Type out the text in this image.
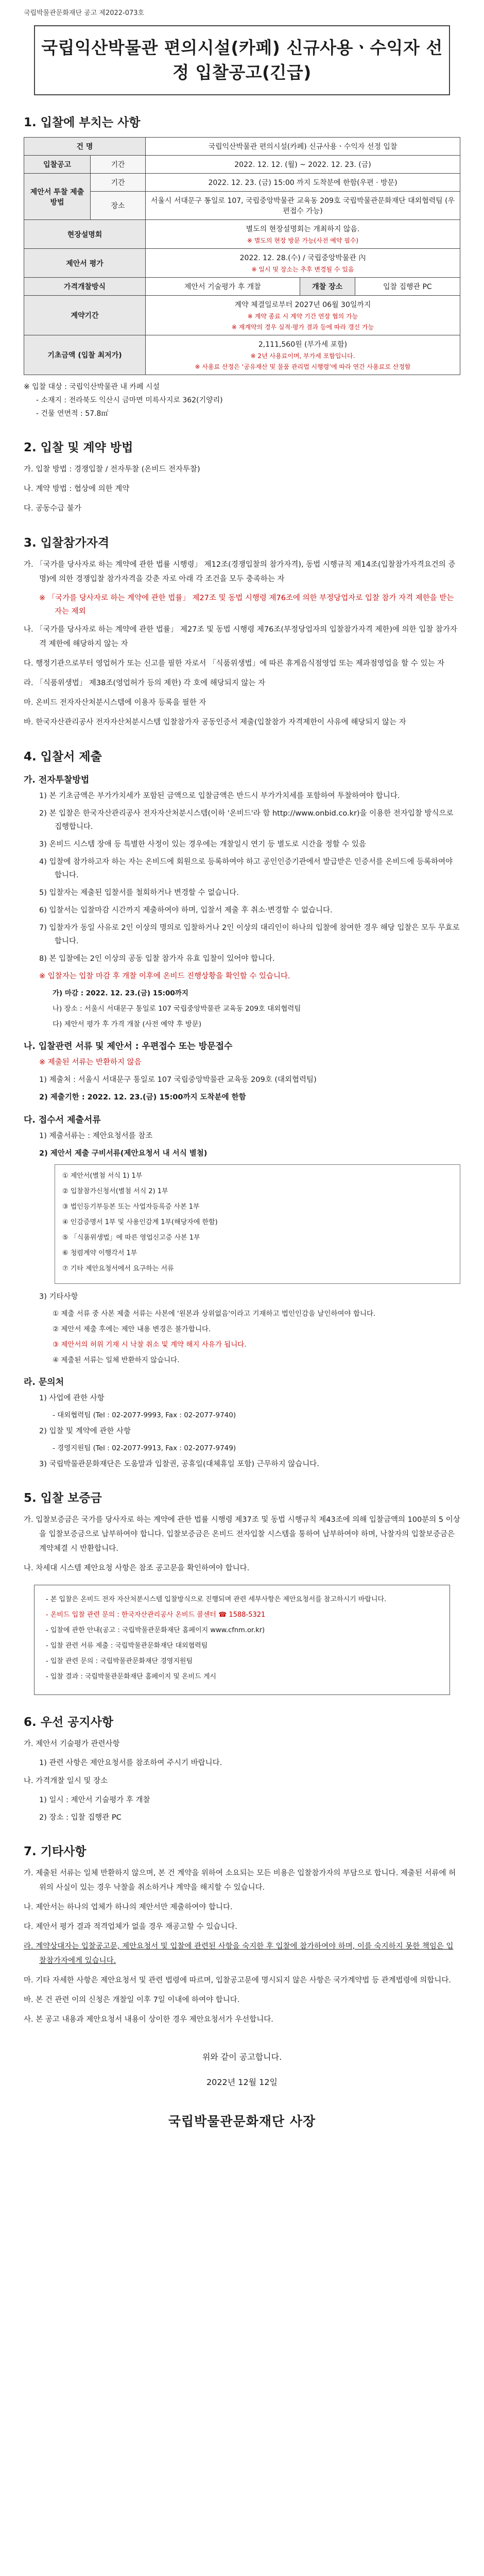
국립박물관문화재단 공고 제2022-073호
국립익산박물관 편의시설(카페) 신규사용ㆍ수익자 선정 입찰공고(긴급)
1. 입찰에 부치는 사항
건 명		국립익산박물관 편의시설(카페) 신규사용ㆍ수익자 선정 입찰		
입찰공고	기간	2022. 12. 12. (월) ~ 2022. 12. 23. (금)		
제안서 투찰 제출방법	기간	2022. 12. 23. (금) 15:00 까지 도착분에 한함(우편 · 방문)		
	장소	서울시 서대문구 통일로 107, 국립중앙박물관 교육동 209호 국립박물관문화재단 대외협력팀 (우편접수 가능)		
현장설명회		별도의 현장설명회는 개최하지 않음.
※ 별도의 현장 방문 가능(사전 예약 필수)		

제안서 평가		2022. 12. 28.(수) / 국립중앙박물관 內
※ 일시 및 장소는 추후 변경될 수 있음		

가격개찰방식		제안서 기술평가 후 개찰	개찰 장소	입찰 집행관 PC
계약기간		계약 체결일로부터 2027년 06월 30일까지
※ 계약 종료 시 계약 기간 연장 협의 가능
※ 재계약의 경우 실적·평가 결과 등에 따라 갱신 가능		

기초금액 (입찰 최저가)		2,111,560원 (부가세 포함)
※ 2년 사용료이며, 부가세 포함입니다.
※ 사용료 산정은 ‘공유재산 및 물품 관리법 시행령’에 따라 연간 사용료로 산정함		
※ 입찰 대상 : 국립익산박물관 내 카페 시설
- 소재지 : 전라북도 익산시 금마면 미륵사지로 362(기양리)
- 건물 연면적 : 57.8㎡
2. 입찰 및 계약 방법

가. 입찰 방법 : 경쟁입찰 / 전자투찰 (온비드 전자투찰)

나. 계약 방법 : 협상에 의한 계약

다. 공동수급 불가

3. 입찰참가자격

가. 「국가를 당사자로 하는 계약에 관한 법률 시행령」 제12조(경쟁입찰의 참가자격), 동법 시행규칙 제14조(입찰참가자격요건의 증명)에 의한 경쟁입찰 참가자격을 갖춘 자로 아래 각 조건을 모두 충족하는 자

※ 「국가를 당사자로 하는 계약에 관한 법률」 제27조 및 동법 시행령 제76조에 의한 부정당업자로 입찰 참가 자격 제한을 받는 자는 제외

나. 「국가를 당사자로 하는 계약에 관한 법률」 제27조 및 동법 시행령 제76조(부정당업자의 입찰참가자격 제한)에 의한 입찰 참가자격 제한에 해당하지 않는 자

다. 행정기관으로부터 영업허가 또는 신고를 필한 자로서 「식품위생법」에 따른 휴게음식점영업 또는 제과점영업을 할 수 있는 자

라. 「식품위생법」 제38조(영업허가 등의 제한) 각 호에 해당되지 않는 자

마. 온비드 전자자산처분시스템에 이용자 등록을 필한 자

바. 한국자산관리공사 전자자산처분시스템 입찰참가자 공동인증서 제출(입찰참가 자격제한이 사유에 해당되지 않는 자

4. 입찰서 제출
가. 전자투찰방법

1) 본 기초금액은 부가가치세가 포함된 금액으로 입찰금액은 반드시 부가가치세를 포함하여 투찰하여야 합니다.

2) 본 입찰은 한국자산관리공사 전자자산처분시스템(이하 '온비드'라 함 http://www.onbid.co.kr)을 이용한 전자입찰 방식으로 집행합니다.

3) 온비드 시스템 장애 등 특별한 사정이 있는 경우에는 개찰일시 연기 등 별도로 시간을 정할 수 있음

4) 입찰에 참가하고자 하는 자는 온비드에 회원으로 등록하여야 하고 공인인증기관에서 발급받은 인증서를 온비드에 등록하여야 합니다.

5) 입찰자는 제출된 입찰서를 철회하거나 변경할 수 없습니다.

6) 입찰서는 입찰마감 시간까지 제출하여야 하며, 입찰서 제출 후 취소·변경할 수 없습니다.

7) 입찰자가 동일 사유로 2인 이상의 명의로 입찰하거나 2인 이상의 대리인이 하나의 입찰에 참여한 경우 해당 입찰은 모두 무효로 합니다.

8) 본 입찰에는 2인 이상의 공동 입찰 참가자 유효 입찰이 있어야 합니다.

※ 입찰자는 입찰 마감 후 개찰 이후에 온비드 진행상황을 확인할 수 있습니다.

가) 마감 : 2022. 12. 23.(금) 15:00까지

나) 장소 : 서울시 서대문구 통일로 107 국립중앙박물관 교육동 209호 대외협력팀

다) 제안서 평가 후 가격 개찰 (사전 예약 후 방문)

나. 입찰관련 서류 및 제안서 : 우편접수 또는 방문접수

※ 제출된 서류는 반환하지 않음

1) 제출처 : 서울시 서대문구 통일로 107 국립중앙박물관 교육동 209호 (대외협력팀)

2) 제출기한 : 2022. 12. 23.(금) 15:00까지 도착분에 한함

다. 접수서 제출서류

1) 제출서류는 : 제안요청서를 참조

2) 제안서 제출 구비서류(제안요청서 내 서식 별첨)

① 제안서(별첨 서식 1) 1부

② 입찰참가신청서(별첨 서식 2) 1부

③ 법인등기부등본 또는 사업자등록증 사본 1부

④ 인감증명서 1부 및 사용인감계 1부(해당자에 한함)

⑤ 「식품위생법」에 따른 영업신고증 사본 1부

⑥ 청렴계약 이행각서 1부

⑦ 기타 제안요청서에서 요구하는 서류

3) 기타사항

① 제출 서류 중 사본 제출 서류는 사본에 '원본과 상위없음'이라고 기재하고 법인인감을 날인하여야 합니다.

② 제안서 제출 후에는 제안 내용 변경은 불가합니다.

③ 제안서의 허위 기재 시 낙찰 취소 및 계약 해지 사유가 됩니다.

④ 제출된 서류는 일체 반환하지 않습니다.

라. 문의처

1) 사업에 관한 사항

- 대외협력팀 (Tel : 02-2077-9993, Fax : 02-2077-9740)

2) 입찰 및 계약에 관한 사항

- 경영지원팀 (Tel : 02-2077-9913, Fax : 02-2077-9749)

3) 국립박물관문화재단은 도움말과 입찰권, 공휴일(대체휴일 포함) 근무하지 않습니다.

5. 입찰 보증금

가. 입찰보증금은 국가를 당사자로 하는 계약에 관한 법률 시행령 제37조 및 동법 시행규칙 제43조에 의해 입찰금액의 100분의 5 이상을 입찰보증금으로 납부하여야 합니다. 입찰보증금은 온비드 전자입찰 시스템을 통하여 납부하여야 하며, 낙찰자의 입찰보증금은 계약체결 시 반환합니다.

나. 차세대 시스템 제안요청 사항은 참조 공고문을 확인하여야 합니다.

- 본 입찰은 온비드 전자 자산처분시스템 입찰방식으로 진행되며 관련 세부사항은 제안요청서를 참고하시기 바랍니다.

- 온비드 입찰 관련 문의 : 한국자산관리공사 온비드 콜센터 ☎ 1588-5321

- 입찰에 관한 안내(공고 : 국립박물관문화재단 홈페이지 www.cfnm.or.kr)

- 입찰 관련 서류 제출 : 국립박물관문화재단 대외협력팀

- 입찰 관련 문의 : 국립박물관문화재단 경영지원팀

- 입찰 결과 : 국립박물관문화재단 홈페이지 및 온비드 게시

6. 우선 공지사항

가. 제안서 기술평가 관련사항

1) 관련 사항은 제안요청서를 참조하여 주시기 바랍니다.

나. 가격개찰 일시 및 장소

1) 일시 : 제안서 기술평가 후 개찰

2) 장소 : 입찰 집행관 PC

7. 기타사항

가. 제출된 서류는 일체 반환하지 않으며, 본 건 계약을 위하여 소요되는 모든 비용은 입찰참가자의 부담으로 합니다. 제출된 서류에 허위의 사실이 있는 경우 낙찰을 취소하거나 계약을 해지할 수 있습니다.

나. 제안서는 하나의 업체가 하나의 제안서만 제출하여야 합니다.

다. 제안서 평가 결과 적격업체가 없을 경우 재공고할 수 있습니다.

라. 계약상대자는 입찰공고문, 제안요청서 및 입찰에 관련된 사항을 숙지한 후 입찰에 참가하여야 하며, 이를 숙지하지 못한 책임은 입찰참가자에게 있습니다.

마. 기타 자세한 사항은 제안요청서 및 관련 법령에 따르며, 입찰공고문에 명시되지 않은 사항은 국가계약법 등 관계법령에 의합니다.

바. 본 건 관련 이의 신청은 개찰일 이후 7일 이내에 하여야 합니다.

사. 본 공고 내용과 제안요청서 내용이 상이한 경우 제안요청서가 우선합니다.

위와 같이 공고합니다.
2022년 12월 12일
국립박물관문화재단 사장
